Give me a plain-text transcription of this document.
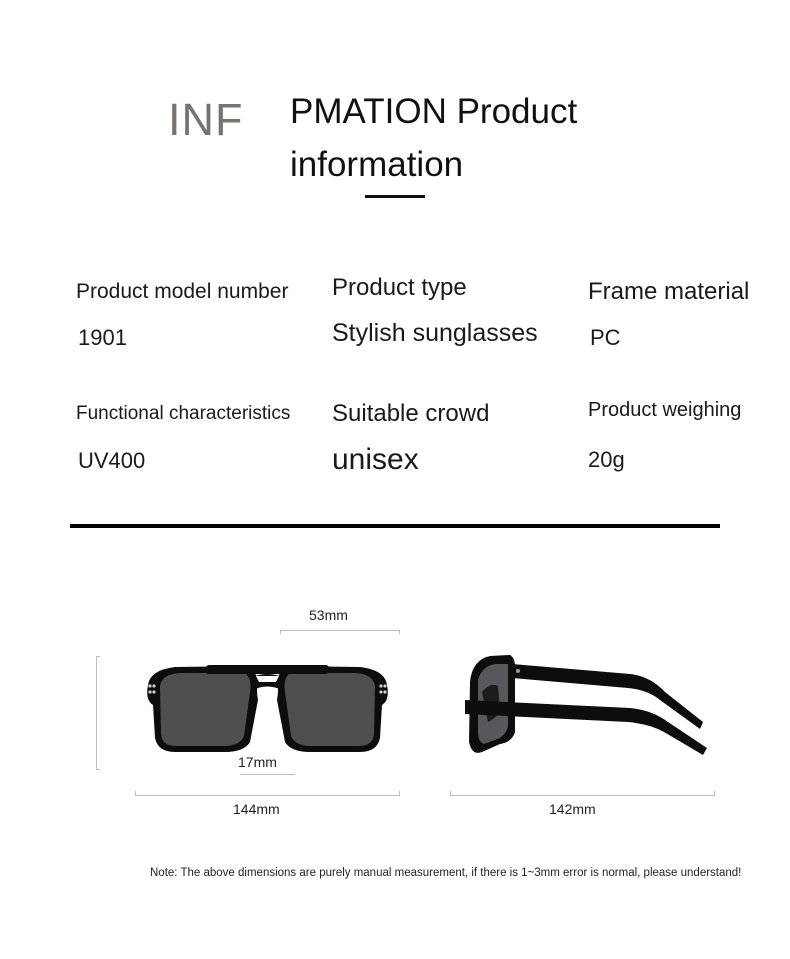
INF PMATION Product
information
Product model number
1901
Product type
Stylish sunglasses
Frame material
PC
Functional characteristics
UV400
Suitable crowd
unisex
Product weighing
20g
53mm
17mm
144mm	142mm
Note: The above dimensions are purely manual measurement, if there is 1~3mm error is normal, please understand!
